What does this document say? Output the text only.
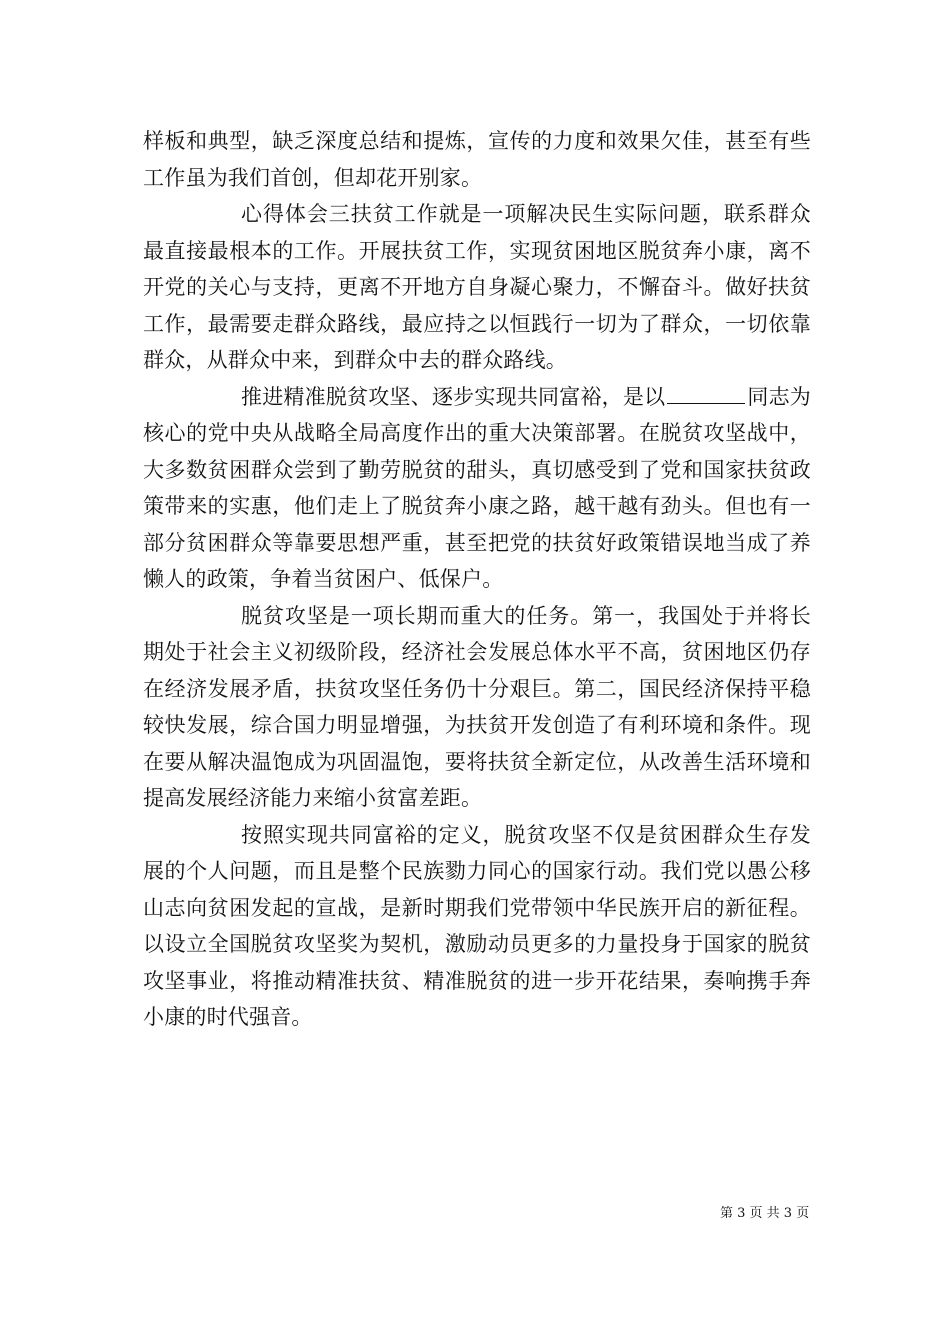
样板和典型，缺乏深度总结和提炼，宣传的力度和效果欠佳，甚至有些工作虽为我们首创，但却花开别家。

心得体会三扶贫工作就是一项解决民生实际问题，联系群众最直接最根本的工作。开展扶贫工作，实现贫困地区脱贫奔小康，离不开党的关心与支持，更离不开地方自身凝心聚力，不懈奋斗。做好扶贫工作，最需要走群众路线，最应持之以恒践行一切为了群众，一切依靠群众，从群众中来，到群众中去的群众路线。

推进精准脱贫攻坚、逐步实现共同富裕，是以	同志为核心的党中央从战略全局高度作出的重大决策部署。在脱贫攻坚战中，大多数贫困群众尝到了勤劳脱贫的甜头，真切感受到了党和国家扶贫政策带来的实惠，他们走上了脱贫奔小康之路，越干越有劲头。但也有一部分贫困群众等靠要思想严重，甚至把党的扶贫好政策错误地当成了养懒人的政策，争着当贫困户、低保户。

脱贫攻坚是一项长期而重大的任务。第一，我国处于并将长期处于社会主义初级阶段，经济社会发展总体水平不高，贫困地区仍存在经济发展矛盾，扶贫攻坚任务仍十分艰巨。第二，国民经济保持平稳较快发展，综合国力明显增强，为扶贫开发创造了有利环境和条件。现在要从解决温饱成为巩固温饱，要将扶贫全新定位，从改善生活环境和提高发展经济能力来缩小贫富差距。

按照实现共同富裕的定义，脱贫攻坚不仅是贫困群众生存发展的个人问题，而且是整个民族勠力同心的国家行动。我们党以愚公移山志向贫困发起的宣战，是新时期我们党带领中华民族开启的新征程。以设立全国脱贫攻坚奖为契机，激励动员更多的力量投身于国家的脱贫攻坚事业，将推动精准扶贫、精准脱贫的进一步开花结果，奏响携手奔小康的时代强音。

第 3 页 共 3 页
